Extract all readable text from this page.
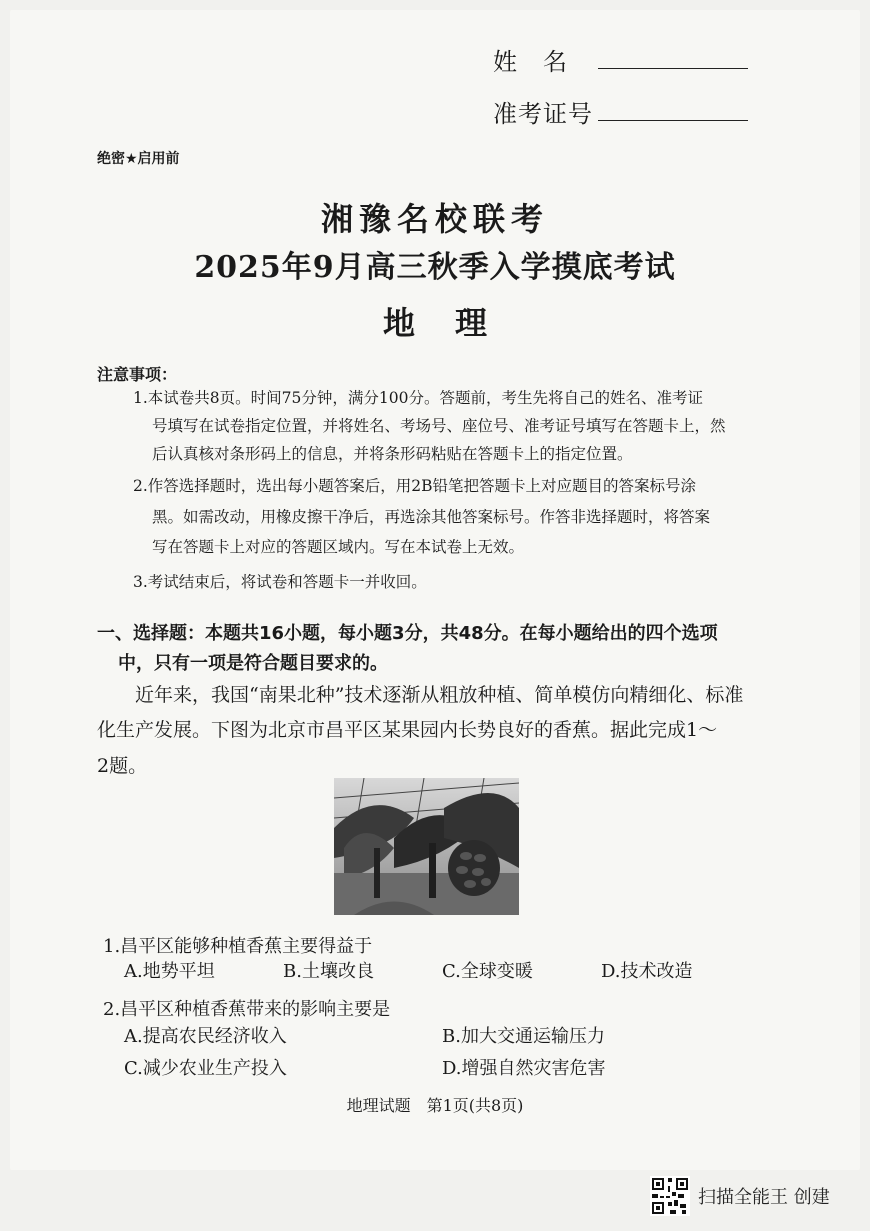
姓　名
准考证号
绝密★启用前
湘豫名校联考
2025年9月高三秋季入学摸底考试
地理
注意事项：
1.本试卷共8页。时间75分钟，满分100分。答题前，考生先将自己的姓名、准考证
号填写在试卷指定位置，并将姓名、考场号、座位号、准考证号填写在答题卡上，然
后认真核对条形码上的信息，并将条形码粘贴在答题卡上的指定位置。
2.作答选择题时，选出每小题答案后，用2B铅笔把答题卡上对应题目的答案标号涂
黑。如需改动，用橡皮擦干净后，再选涂其他答案标号。作答非选择题时，将答案
写在答题卡上对应的答题区域内。写在本试卷上无效。
3.考试结束后，将试卷和答题卡一并收回。
一、选择题：本题共16小题，每小题3分，共48分。在每小题给出的四个选项
中，只有一项是符合题目要求的。
近年来，我国“南果北种”技术逐渐从粗放种植、简单模仿向精细化、标准
化生产发展。下图为北京市昌平区某果园内长势良好的香蕉。据此完成1～
2题。
1.昌平区能够种植香蕉主要得益于
A.地势平坦	B.土壤改良	C.全球变暖	D.技术改造
2.昌平区种植香蕉带来的影响主要是
A.提高农民经济收入	B.加大交通运输压力
C.减少农业生产投入	D.增强自然灾害危害
地理试题　第1页(共8页)
扫描全能王 创建
